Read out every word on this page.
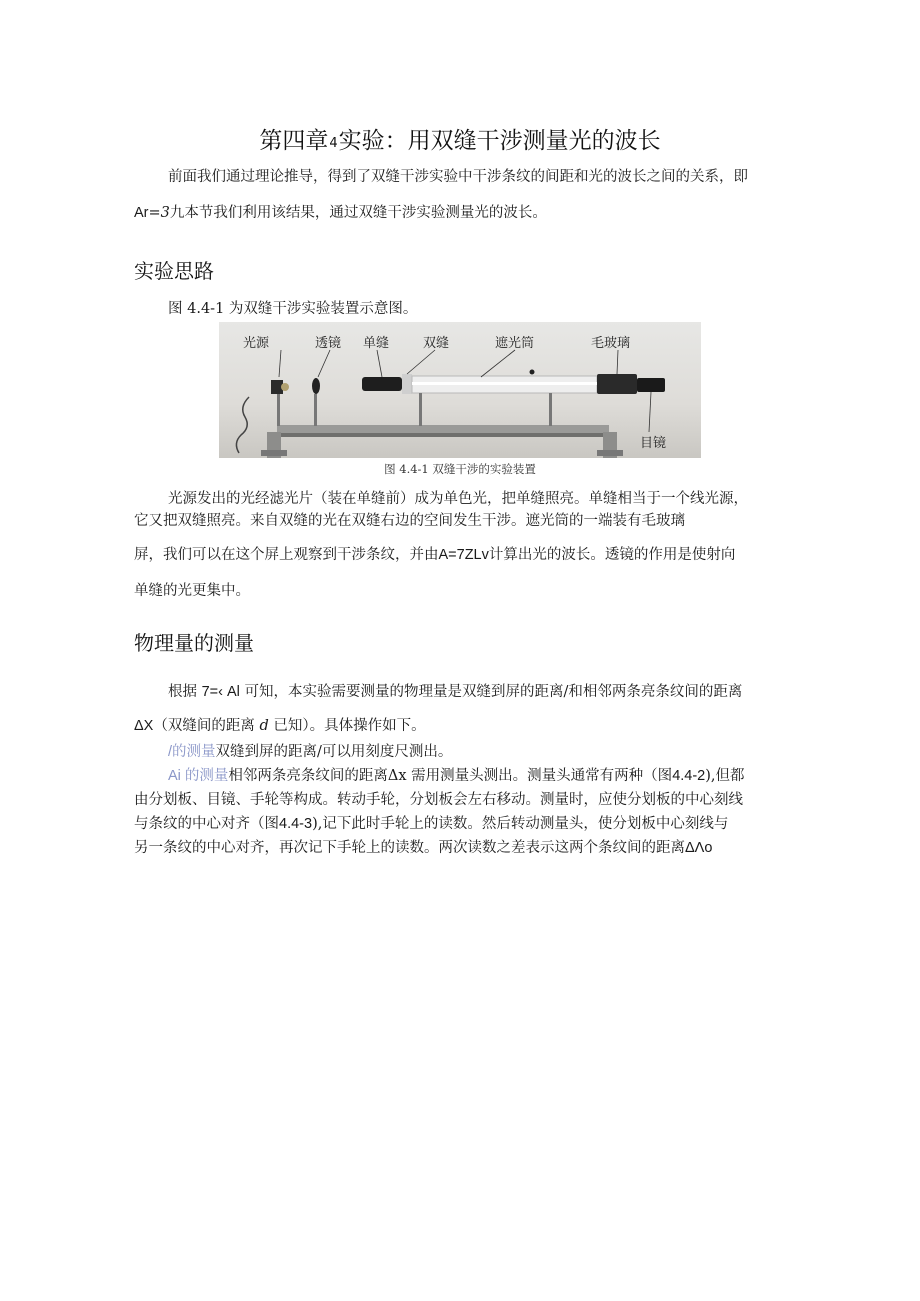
第四章4实验：用双缝干涉测量光的波长
前面我们通过理论推导，得到了双缝干涉实验中干涉条纹的间距和光的波长之间的关系，即
Ar=3九本节我们利用该结果，通过双缝干涉实验测量光的波长。
实验思路
图 4.4-1 为双缝干涉实验装置示意图。
光源	透镜 单缝	双缝	遮光筒	毛玻璃
目镜
图 4.4-1 双缝干涉的实验装置
光源发出的光经滤光片（装在单缝前）成为单色光，把单缝照亮。单缝相当于一个线光源，
它又把双缝照亮。来自双缝的光在双缝右边的空间发生干涉。遮光筒的一端装有毛玻璃
屏，我们可以在这个屏上观察到干涉条纹，并由A=7ZLv计算出光的波长。透镜的作用是使射向
单缝的光更集中。
物理量的测量
根据 7=‹ Al 可知，本实验需要测量的物理量是双缝到屏的距离/和相邻两条亮条纹间的距离
ΔX（双缝间的距离 d 已知）。具体操作如下。
/的测量双缝到屏的距离/可以用刻度尺测出。
Ai 的测量相邻两条亮条纹间的距离Δx 需用测量头测出。测量头通常有两种（图4.4-2),但都
由分划板、目镜、手轮等构成。转动手轮，分划板会左右移动。测量时，应使分划板的中心刻线
与条纹的中心对齐（图4.4-3),记下此时手轮上的读数。然后转动测量头，使分划板中心刻线与
另一条纹的中心对齐，再次记下手轮上的读数。两次读数之差表示这两个条纹间的距离ΔΛo
